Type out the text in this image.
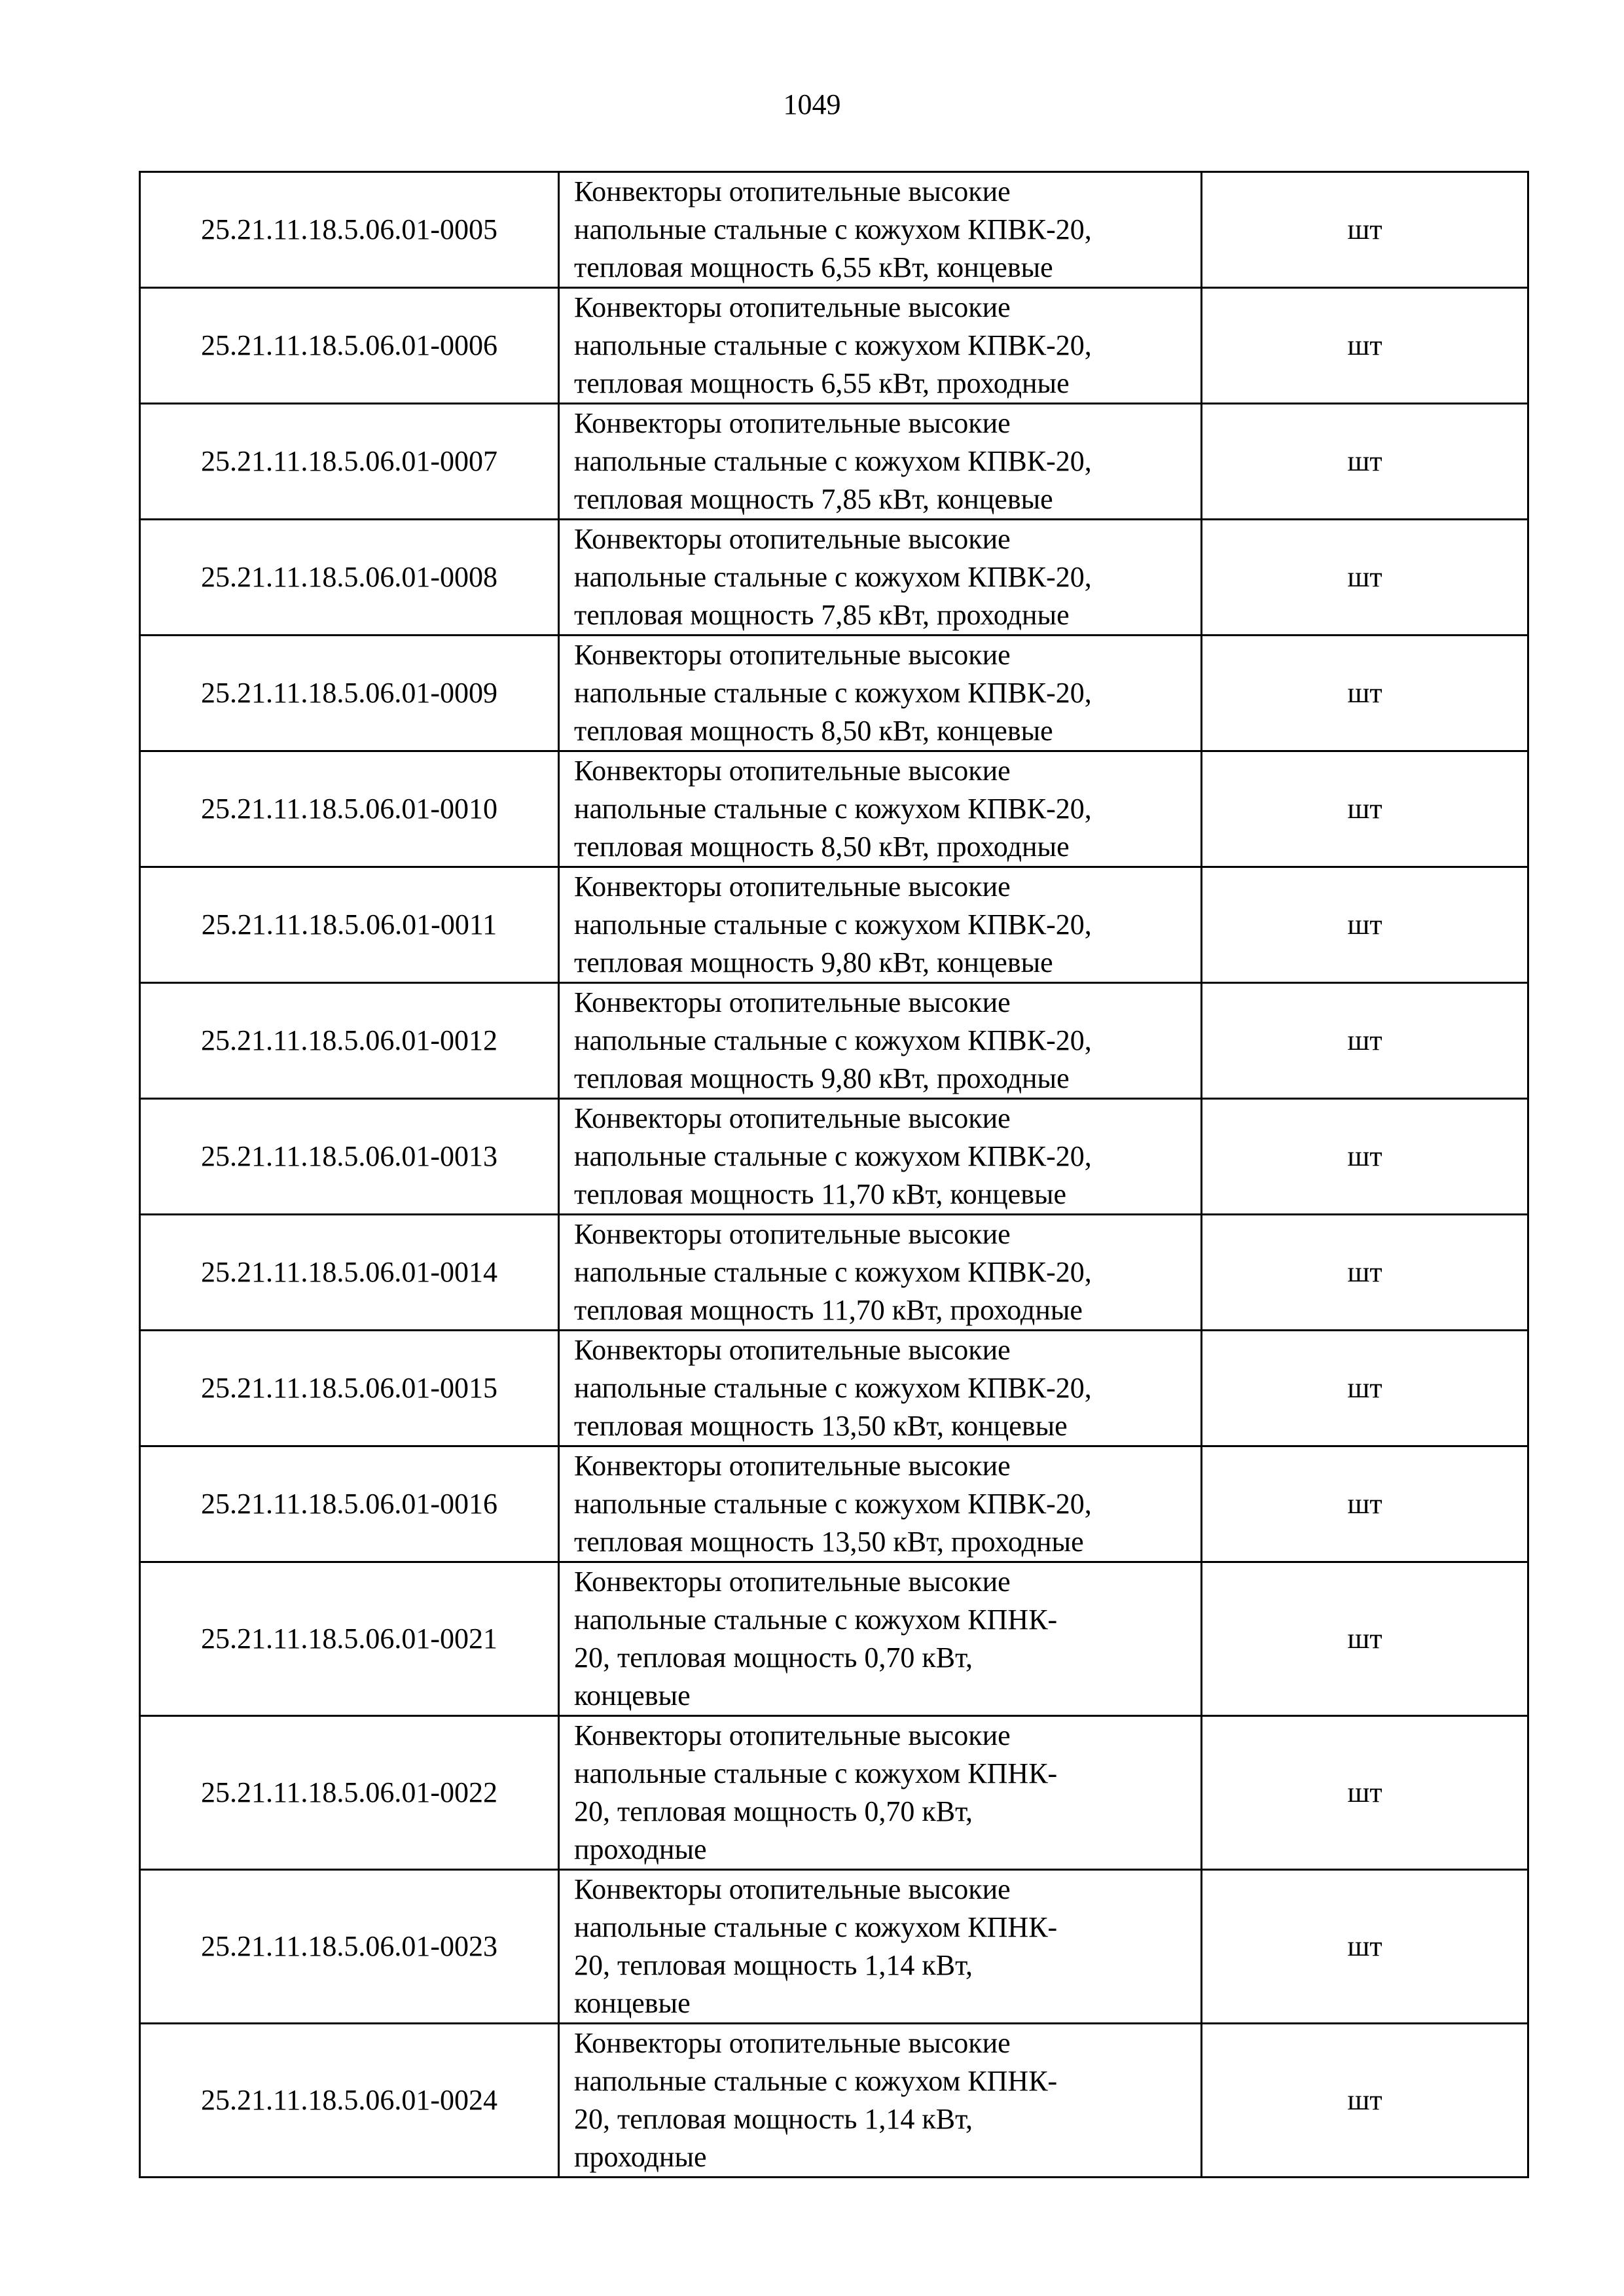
1049
25.21.11.18.5.06.01-0005	Конвекторы отопительные высокие
напольные стальные с кожухом КПВК-20,
тепловая мощность 6,55 кВт, концевые	шт
25.21.11.18.5.06.01-0006	Конвекторы отопительные высокие
напольные стальные с кожухом КПВК-20,
тепловая мощность 6,55 кВт, проходные	шт
25.21.11.18.5.06.01-0007	Конвекторы отопительные высокие
напольные стальные с кожухом КПВК-20,
тепловая мощность 7,85 кВт, концевые	шт
25.21.11.18.5.06.01-0008	Конвекторы отопительные высокие
напольные стальные с кожухом КПВК-20,
тепловая мощность 7,85 кВт, проходные	шт
25.21.11.18.5.06.01-0009	Конвекторы отопительные высокие
напольные стальные с кожухом КПВК-20,
тепловая мощность 8,50 кВт, концевые	шт
25.21.11.18.5.06.01-0010	Конвекторы отопительные высокие
напольные стальные с кожухом КПВК-20,
тепловая мощность 8,50 кВт, проходные	шт
25.21.11.18.5.06.01-0011	Конвекторы отопительные высокие
напольные стальные с кожухом КПВК-20,
тепловая мощность 9,80 кВт, концевые	шт
25.21.11.18.5.06.01-0012	Конвекторы отопительные высокие
напольные стальные с кожухом КПВК-20,
тепловая мощность 9,80 кВт, проходные	шт
25.21.11.18.5.06.01-0013	Конвекторы отопительные высокие
напольные стальные с кожухом КПВК-20,
тепловая мощность 11,70 кВт, концевые	шт
25.21.11.18.5.06.01-0014	Конвекторы отопительные высокие
напольные стальные с кожухом КПВК-20,
тепловая мощность 11,70 кВт, проходные	шт
25.21.11.18.5.06.01-0015	Конвекторы отопительные высокие
напольные стальные с кожухом КПВК-20,
тепловая мощность 13,50 кВт, концевые	шт
25.21.11.18.5.06.01-0016	Конвекторы отопительные высокие
напольные стальные с кожухом КПВК-20,
тепловая мощность 13,50 кВт, проходные	шт
25.21.11.18.5.06.01-0021	Конвекторы отопительные высокие
напольные стальные с кожухом КПНК-
20, тепловая мощность 0,70 кВт,
концевые	шт
25.21.11.18.5.06.01-0022	Конвекторы отопительные высокие
напольные стальные с кожухом КПНК-
20, тепловая мощность 0,70 кВт,
проходные	шт
25.21.11.18.5.06.01-0023	Конвекторы отопительные высокие
напольные стальные с кожухом КПНК-
20, тепловая мощность 1,14 кВт,
концевые	шт
25.21.11.18.5.06.01-0024	Конвекторы отопительные высокие
напольные стальные с кожухом КПНК-
20, тепловая мощность 1,14 кВт,
проходные	шт
